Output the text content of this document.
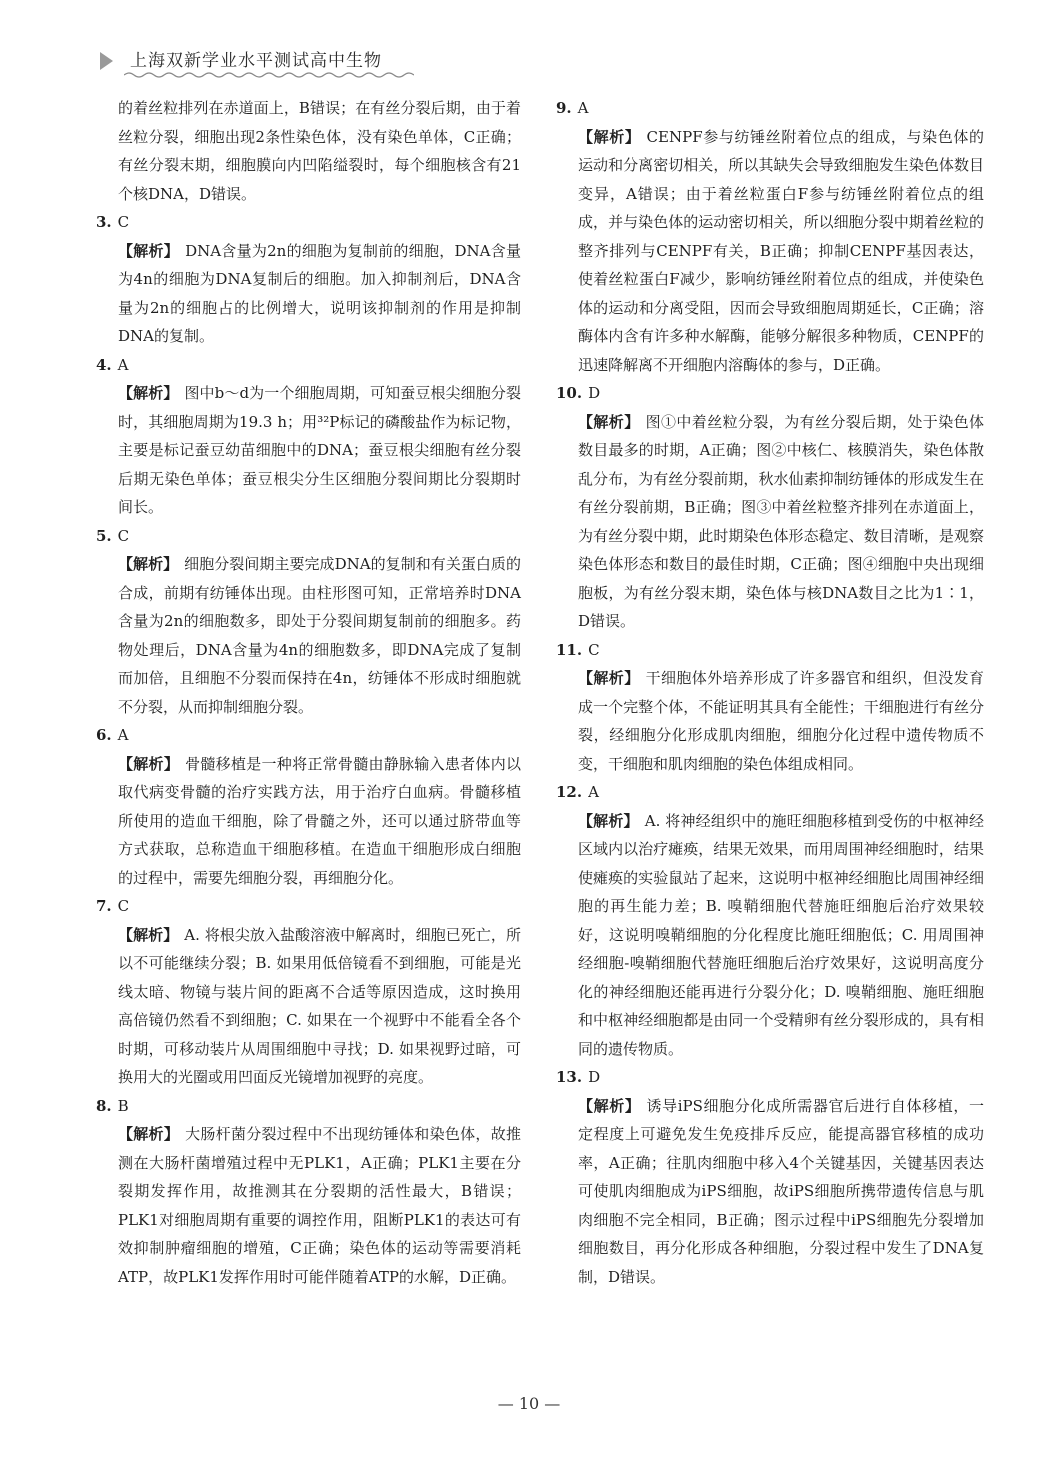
上海双新学业水平测试高中生物

的着丝粒排列在赤道面上，B错误；在有丝分裂后期，由于着丝粒分裂，细胞出现2条性染色体，没有染色单体，C正确；有丝分裂末期，细胞膜向内凹陷缢裂时，每个细胞核含有21个核DNA，D错误。

3. C

【解析】 DNA含量为2n的细胞为复制前的细胞，DNA含量为4n的细胞为DNA复制后的细胞。加入抑制剂后，DNA含量为2n的细胞占的比例增大，说明该抑制剂的作用是抑制DNA的复制。

4. A

【解析】 图中b～d为一个细胞周期，可知蚕豆根尖细胞分裂时，其细胞周期为19.3 h；用³²P标记的磷酸盐作为标记物，主要是标记蚕豆幼苗细胞中的DNA；蚕豆根尖细胞有丝分裂后期无染色单体；蚕豆根尖分生区细胞分裂间期比分裂期时间长。

5. C

【解析】 细胞分裂间期主要完成DNA的复制和有关蛋白质的合成，前期有纺锤体出现。由柱形图可知，正常培养时DNA含量为2n的细胞数多，即处于分裂间期复制前的细胞多。药物处理后，DNA含量为4n的细胞数多，即DNA完成了复制而加倍，且细胞不分裂而保持在4n，纺锤体不形成时细胞就不分裂，从而抑制细胞分裂。

6. A

【解析】 骨髓移植是一种将正常骨髓由静脉输入患者体内以取代病变骨髓的治疗实践方法，用于治疗白血病。骨髓移植所使用的造血干细胞，除了骨髓之外，还可以通过脐带血等方式获取，总称造血干细胞移植。在造血干细胞形成白细胞的过程中，需要先细胞分裂，再细胞分化。

7. C

【解析】 A. 将根尖放入盐酸溶液中解离时，细胞已死亡，所以不可能继续分裂；B. 如果用低倍镜看不到细胞，可能是光线太暗、物镜与装片间的距离不合适等原因造成，这时换用高倍镜仍然看不到细胞；C. 如果在一个视野中不能看全各个时期，可移动装片从周围细胞中寻找；D. 如果视野过暗，可换用大的光圈或用凹面反光镜增加视野的亮度。

8. B

【解析】 大肠杆菌分裂过程中不出现纺锤体和染色体，故推测在大肠杆菌增殖过程中无PLK1，A正确；PLK1主要在分裂期发挥作用，故推测其在分裂期的活性最大，B错误；PLK1对细胞周期有重要的调控作用，阻断PLK1的表达可有效抑制肿瘤细胞的增殖，C正确；染色体的运动等需要消耗ATP，故PLK1发挥作用时可能伴随着ATP的水解，D正确。

9. A

【解析】 CENPF参与纺锤丝附着位点的组成，与染色体的运动和分离密切相关，所以其缺失会导致细胞发生染色体数目变异，A错误；由于着丝粒蛋白F参与纺锤丝附着位点的组成，并与染色体的运动密切相关，所以细胞分裂中期着丝粒的整齐排列与CENPF有关，B正确；抑制CENPF基因表达，使着丝粒蛋白F减少，影响纺锤丝附着位点的组成，并使染色体的运动和分离受阻，因而会导致细胞周期延长，C正确；溶酶体内含有许多种水解酶，能够分解很多种物质，CENPF的迅速降解离不开细胞内溶酶体的参与，D正确。

10. D

【解析】 图①中着丝粒分裂，为有丝分裂后期，处于染色体数目最多的时期，A正确；图②中核仁、核膜消失，染色体散乱分布，为有丝分裂前期，秋水仙素抑制纺锤体的形成发生在有丝分裂前期，B正确；图③中着丝粒整齐排列在赤道面上，为有丝分裂中期，此时期染色体形态稳定、数目清晰，是观察染色体形态和数目的最佳时期，C正确；图④细胞中央出现细胞板，为有丝分裂末期，染色体与核DNA数目之比为1∶1，D错误。

11. C

【解析】 干细胞体外培养形成了许多器官和组织，但没发育成一个完整个体，不能证明其具有全能性；干细胞进行有丝分裂，经细胞分化形成肌肉细胞，细胞分化过程中遗传物质不变，干细胞和肌肉细胞的染色体组成相同。

12. A

【解析】 A. 将神经组织中的施旺细胞移植到受伤的中枢神经区域内以治疗瘫痪，结果无效果，而用周围神经细胞时，结果使瘫痪的实验鼠站了起来，这说明中枢神经细胞比周围神经细胞的再生能力差；B. 嗅鞘细胞代替施旺细胞后治疗效果较好，这说明嗅鞘细胞的分化程度比施旺细胞低；C. 用周围神经细胞-嗅鞘细胞代替施旺细胞后治疗效果好，这说明高度分化的神经细胞还能再进行分裂分化；D. 嗅鞘细胞、施旺细胞和中枢神经细胞都是由同一个受精卵有丝分裂形成的，具有相同的遗传物质。

13. D

【解析】 诱导iPS细胞分化成所需器官后进行自体移植，一定程度上可避免发生免疫排斥反应，能提高器官移植的成功率，A正确；往肌肉细胞中移入4个关键基因，关键基因表达可使肌肉细胞成为iPS细胞，故iPS细胞所携带遗传信息与肌肉细胞不完全相同，B正确；图示过程中iPS细胞先分裂增加细胞数目，再分化形成各种细胞，分裂过程中发生了DNA复制，D错误。

— 10 —
